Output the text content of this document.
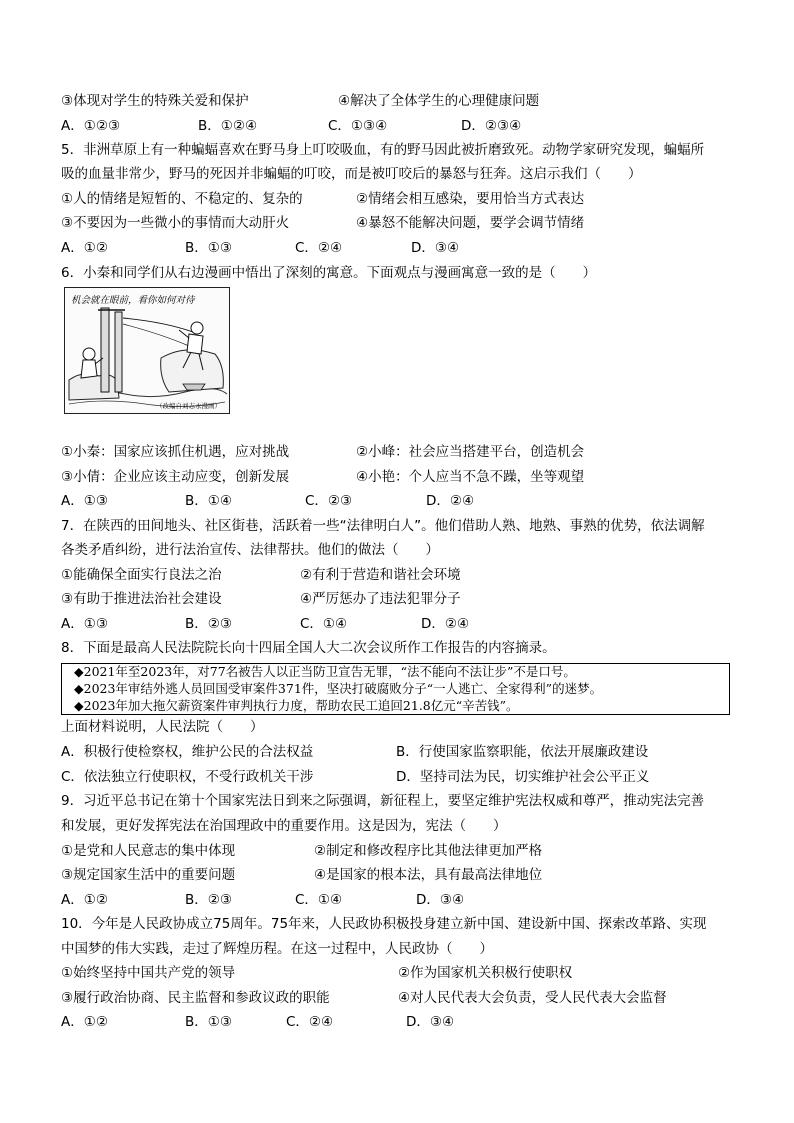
③体现对学生的特殊关爱和保护	④解决了全体学生的心理健康问题
A．①②③	B．①②④	C．①③④	D．②③④
5．非洲草原上有一种蝙蝠喜欢在野马身上叮咬吸血，有的野马因此被折磨致死。动物学家研究发现，蝙蝠所
吸的血量非常少，野马的死因并非蝙蝠的叮咬，而是被叮咬后的暴怒与狂奔。这启示我们（　　）
①人的情绪是短暂的、不稳定的、复杂的	②情绪会相互感染，要用恰当方式表达
③不要因为一些微小的事情而大动肝火	④暴怒不能解决问题，要学会调节情绪
A．①②	B．①③	C．②④	D．③④
6．小秦和同学们从右边漫画中悟出了深刻的寓意。下面观点与漫画寓意一致的是（　　）
机会就在眼前，看你如何对待
（改编自刘志永漫画）
①小秦：国家应该抓住机遇，应对挑战	②小峰：社会应当搭建平台，创造机会
③小倩：企业应该主动应变，创新发展	④小艳：个人应当不急不躁，坐等观望
A．①③	B．①④	C．②③	D．②④
7．在陕西的田间地头、社区街巷，活跃着一些“法律明白人”。他们借助人熟、地熟、事熟的优势，依法调解
各类矛盾纠纷，进行法治宣传、法律帮扶。他们的做法（　　）
①能确保全面实行良法之治	②有利于营造和谐社会环境
③有助于推进法治社会建设	④严厉惩办了违法犯罪分子
A．①③	B．②③	C．①④	D．②④
8．下面是最高人民法院院长向十四届全国人大二次会议所作工作报告的内容摘录。
◆2021年至2023年，对77名被告人以正当防卫宣告无罪，“法不能向不法让步”不是口号。
◆2023年审结外逃人员回国受审案件371件，坚决打破腐败分子“一人逃亡、全家得利”的迷梦。
◆2023年加大拖欠薪资案件审判执行力度，帮助农民工追回21.8亿元“辛苦钱”。
上面材料说明，人民法院（　　）
A．积极行使检察权，维护公民的合法权益	B．行使国家监察职能，依法开展廉政建设
C．依法独立行使职权，不受行政机关干涉	D．坚持司法为民，切实维护社会公平正义
9．习近平总书记在第十个国家宪法日到来之际强调，新征程上，要坚定维护宪法权威和尊严，推动宪法完善
和发展，更好发挥宪法在治国理政中的重要作用。这是因为，宪法（　　）
①是党和人民意志的集中体现	②制定和修改程序比其他法律更加严格
③规定国家生活中的重要问题	④是国家的根本法，具有最高法律地位
A．①②	B．②③	C．①④	D．③④
10．今年是人民政协成立75周年。75年来，人民政协积极投身建立新中国、建设新中国、探索改革路、实现
中国梦的伟大实践，走过了辉煌历程。在这一过程中，人民政协（　　）
①始终坚持中国共产党的领导	②作为国家机关积极行使职权
③履行政治协商、民主监督和参政议政的职能	④对人民代表大会负责，受人民代表大会监督
A．①②	B．①③	C．②④	D．③④
